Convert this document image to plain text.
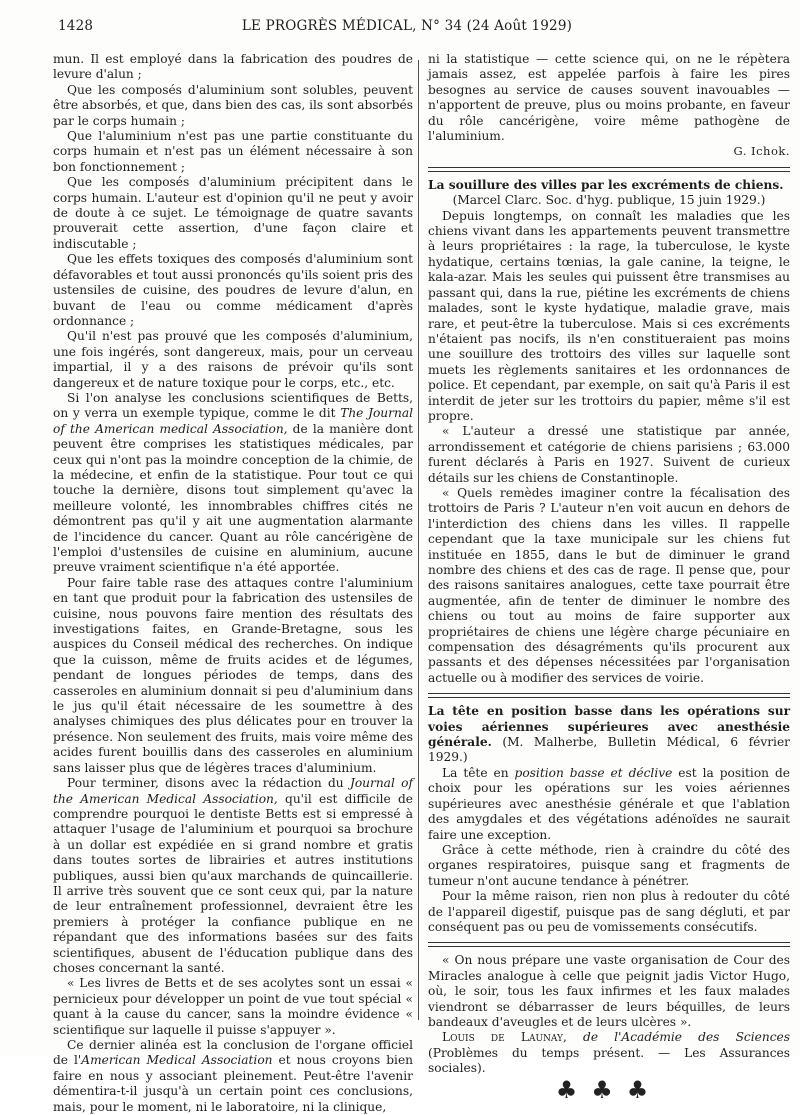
1428	LE PROGRÈS MÉDICAL, N° 34 (24 Août 1929)

mun. Il est employé dans la fabrication des poudres de levure d'alun ;

Que les composés d'aluminium sont solubles, peuvent être absorbés, et que, dans bien des cas, ils sont absorbés par le corps humain ;

Que l'aluminium n'est pas une partie constituante du corps humain et n'est pas un élément nécessaire à son bon fonctionnement ;

Que les composés d'aluminium précipitent dans le corps humain. L'auteur est d'opinion qu'il ne peut y avoir de doute à ce sujet. Le témoignage de quatre savants prouverait cette assertion, d'une façon claire et indiscutable ;

Que les effets toxiques des composés d'aluminium sont défavorables et tout aussi prononcés qu'ils soient pris des ustensiles de cuisine, des poudres de levure d'alun, en buvant de l'eau ou comme médicament d'après ordonnance ;

Qu'il n'est pas prouvé que les composés d'aluminium, une fois ingérés, sont dangereux, mais, pour un cerveau impartial, il y a des raisons de prévoir qu'ils sont dangereux et de nature toxique pour le corps, etc., etc.

Si l'on analyse les conclusions scientifiques de Betts, on y verra un exemple typique, comme le dit The Journal of the American medical Association, de la manière dont peuvent être comprises les statistiques médicales, par ceux qui n'ont pas la moindre conception de la chimie, de la médecine, et enfin de la statistique. Pour tout ce qui touche la dernière, disons tout simplement qu'avec la meilleure volonté, les innombrables chiffres cités ne démontrent pas qu'il y ait une augmentation alarmante de l'incidence du cancer. Quant au rôle cancérigène de l'emploi d'ustensiles de cuisine en aluminium, aucune preuve vraiment scientifique n'a été apportée.

Pour faire table rase des attaques contre l'aluminium en tant que produit pour la fabrication des ustensiles de cuisine, nous pouvons faire mention des résultats des investigations faites, en Grande-Bretagne, sous les auspices du Conseil médical des recherches. On indique que la cuisson, même de fruits acides et de légumes, pendant de longues périodes de temps, dans des casseroles en aluminium donnait si peu d'aluminium dans le jus qu'il était nécessaire de les soumettre à des analyses chimiques des plus délicates pour en trouver la présence. Non seulement des fruits, mais voire même des acides furent bouillis dans des casseroles en aluminium sans laisser plus que de légères traces d'aluminium.

Pour terminer, disons avec la rédaction du Journal of the American Medical Association, qu'il est difficile de comprendre pourquoi le dentiste Betts est si empressé à attaquer l'usage de l'aluminium et pourquoi sa brochure à un dollar est expédiée en si grand nombre et gratis dans toutes sortes de librairies et autres institutions publiques, aussi bien qu'aux marchands de quincaillerie. Il arrive très souvent que ce sont ceux qui, par la nature de leur entraînement professionnel, devraient être les premiers à protéger la confiance publique en ne répandant que des informations basées sur des faits scientifiques, abusent de l'éducation publique dans des choses concernant la santé.

« Les livres de Betts et de ses acolytes sont un essai « pernicieux pour développer un point de vue tout spécial « quant à la cause du cancer, sans la moindre évidence « scientifique sur laquelle il puisse s'appuyer ».

Ce dernier alinéa est la conclusion de l'organe officiel de l'American Medical Association et nous croyons bien faire en nous y associant pleinement. Peut-être l'avenir démentira-t-il jusqu'à un certain point ces conclusions, mais, pour le moment, ni le laboratoire, ni la clinique,

ni la statistique — cette science qui, on ne le répètera jamais assez, est appelée parfois à faire les pires besognes au service de causes souvent inavouables — n'apportent de preuve, plus ou moins probante, en faveur du rôle cancérigène, voire même pathogène de l'aluminium.

G. Ichok.

La souillure des villes par les excréments de chiens.

(Marcel Clarc. Soc. d'hyg. publique, 15 juin 1929.)

Depuis longtemps, on connaît les maladies que les chiens vivant dans les appartements peuvent transmettre à leurs propriétaires : la rage, la tuberculose, le kyste hydatique, certains tœnias, la gale canine, la teigne, le kala-azar. Mais les seules qui puissent être transmises au passant qui, dans la rue, piétine les excréments de chiens malades, sont le kyste hydatique, maladie grave, mais rare, et peut-être la tuberculose. Mais si ces excréments n'étaient pas nocifs, ils n'en constitueraient pas moins une souillure des trottoirs des villes sur laquelle sont muets les règlements sanitaires et les ordonnances de police. Et cependant, par exemple, on sait qu'à Paris il est interdit de jeter sur les trottoirs du papier, même s'il est propre.

« L'auteur a dressé une statistique par année, arrondissement et catégorie de chiens parisiens ; 63.000 furent déclarés à Paris en 1927. Suivent de curieux détails sur les chiens de Constantinople.

« Quels remèdes imaginer contre la fécalisation des trottoirs de Paris ? L'auteur n'en voit aucun en dehors de l'interdiction des chiens dans les villes. Il rappelle cependant que la taxe municipale sur les chiens fut instituée en 1855, dans le but de diminuer le grand nombre des chiens et des cas de rage. Il pense que, pour des raisons sanitaires analogues, cette taxe pourrait être augmentée, afin de tenter de diminuer le nombre des chiens ou tout au moins de faire supporter aux propriétaires de chiens une légère charge pécuniaire en compensation des désagréments qu'ils procurent aux passants et des dépenses nécessitées par l'organisation actuelle ou à modifier des services de voirie.

La tête en position basse dans les opérations sur voies aériennes supérieures avec anesthésie générale. (M. Malherbe, Bulletin Médical, 6 février 1929.)

La tête en position basse et déclive est la position de choix pour les opérations sur les voies aériennes supérieures avec anesthésie générale et que l'ablation des amygdales et des végétations adénoïdes ne saurait faire une exception.

Grâce à cette méthode, rien à craindre du côté des organes respiratoires, puisque sang et fragments de tumeur n'ont aucune tendance à pénétrer.

Pour la même raison, rien non plus à redouter du côté de l'appareil digestif, puisque pas de sang dégluti, et par conséquent pas ou peu de vomissements consécutifs.

« On nous prépare une vaste organisation de Cour des Miracles analogue à celle que peignit jadis Victor Hugo, où, le soir, tous les faux infirmes et les faux malades viendront se débarrasser de leurs béquilles, de leurs bandeaux d'aveugles et de leurs ulcères ».

Louis de Launay, de l'Académie des Sciences (Problèmes du temps présent. — Les Assurances sociales).

♣♣♣
